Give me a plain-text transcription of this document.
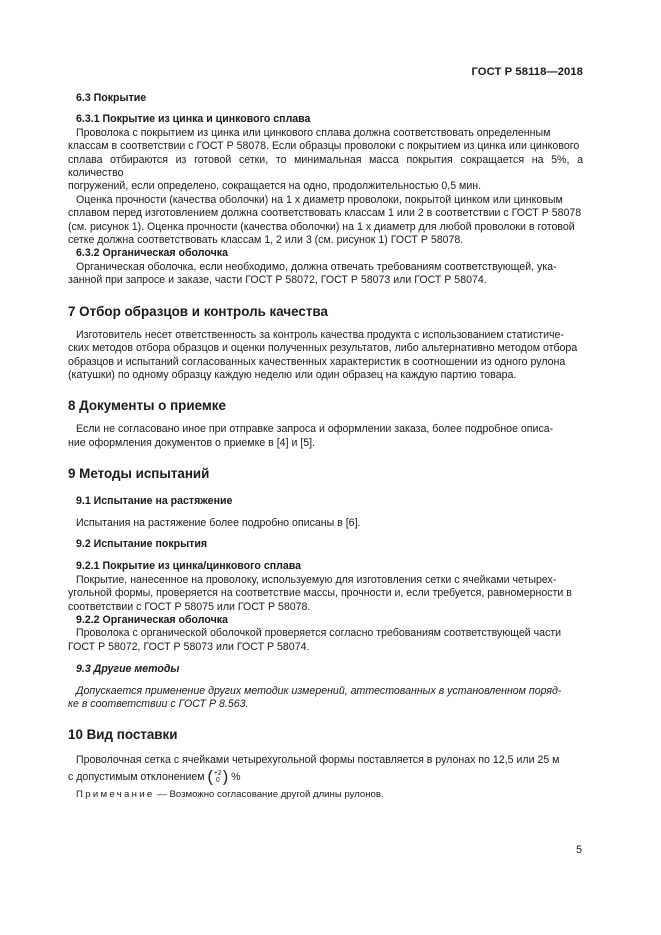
ГОСТ Р 58118—2018
6.3 Покрытие
6.3.1 Покрытие из цинка и цинкового сплава
Проволока с покрытием из цинка или цинкового сплава должна соответствовать определенным
классам в соответствии с ГОСТ Р 58078. Если образцы проволоки с покрытием из цинка или цинкового
сплава отбираются из готовой сетки, то минимальная масса покрытия сокращается на 5%, а количество
погружений, если определено, сокращается на одно, продолжительностью 0,5 мин.
Оценка прочности (качества оболочки) на 1 х диаметр проволоки, покрытой цинком или цинковым
сплавом перед изготовлением должна соответствовать классам 1 или 2 в соответствии с ГОСТ Р 58078
(см. рисунок 1). Оценка прочности (качества оболочки) на 1 х диаметр для любой проволоки в готовой
сетке должна соответствовать классам 1, 2 или 3 (см. рисунок 1) ГОСТ Р 58078.
6.3.2 Органическая оболочка
Органическая оболочка, если необходимо, должна отвечать требованиям соответствующей, ука-
занной при запросе и заказе, части ГОСТ Р 58072, ГОСТ Р 58073 или ГОСТ Р 58074.
7 Отбор образцов и контроль качества
Изготовитель несет ответственность за контроль качества продукта с использованием статистиче-
ских методов отбора образцов и оценки полученных результатов, либо альтернативно методом отбора
образцов и испытаний согласованных качественных характеристик в соотношении из одного рулона
(катушки) по одному образцу каждую неделю или один образец на каждую партию товара.
8 Документы о приемке
Если не согласовано иное при отправке запроса и оформлении заказа, более подробное описа-
ние оформления документов о приемке в [4] и [5].
9 Методы испытаний
9.1 Испытание на растяжение
Испытания на растяжение более подробно описаны в [6].
9.2 Испытание покрытия
9.2.1 Покрытие из цинка/цинкового сплава
Покрытие, нанесенное на проволоку, используемую для изготовления сетки с ячейками четырех-
угольной формы, проверяется на соответствие массы, прочности и, если требуется, равномерности в
соответствии с ГОСТ Р 58075 или ГОСТ Р 58078.
9.2.2 Органическая оболочка
Проволока с органической оболочкой проверяется согласно требованиям соответствующей части
ГОСТ Р 58072, ГОСТ Р 58073 или ГОСТ Р 58074.
9.3 Другие методы
Допускается применение других методик измерений, аттестованных в установленном поряд-
ке в соответствии с ГОСТ Р 8.563.
10 Вид поставки
Проволочная сетка с ячейками четырехугольной формы поставляется в рулонах по 12,5 или 25 м
с допустимым отклонением ( +2
0 ) %
Примечание — Возможно согласование другой длины рулонов.
5
